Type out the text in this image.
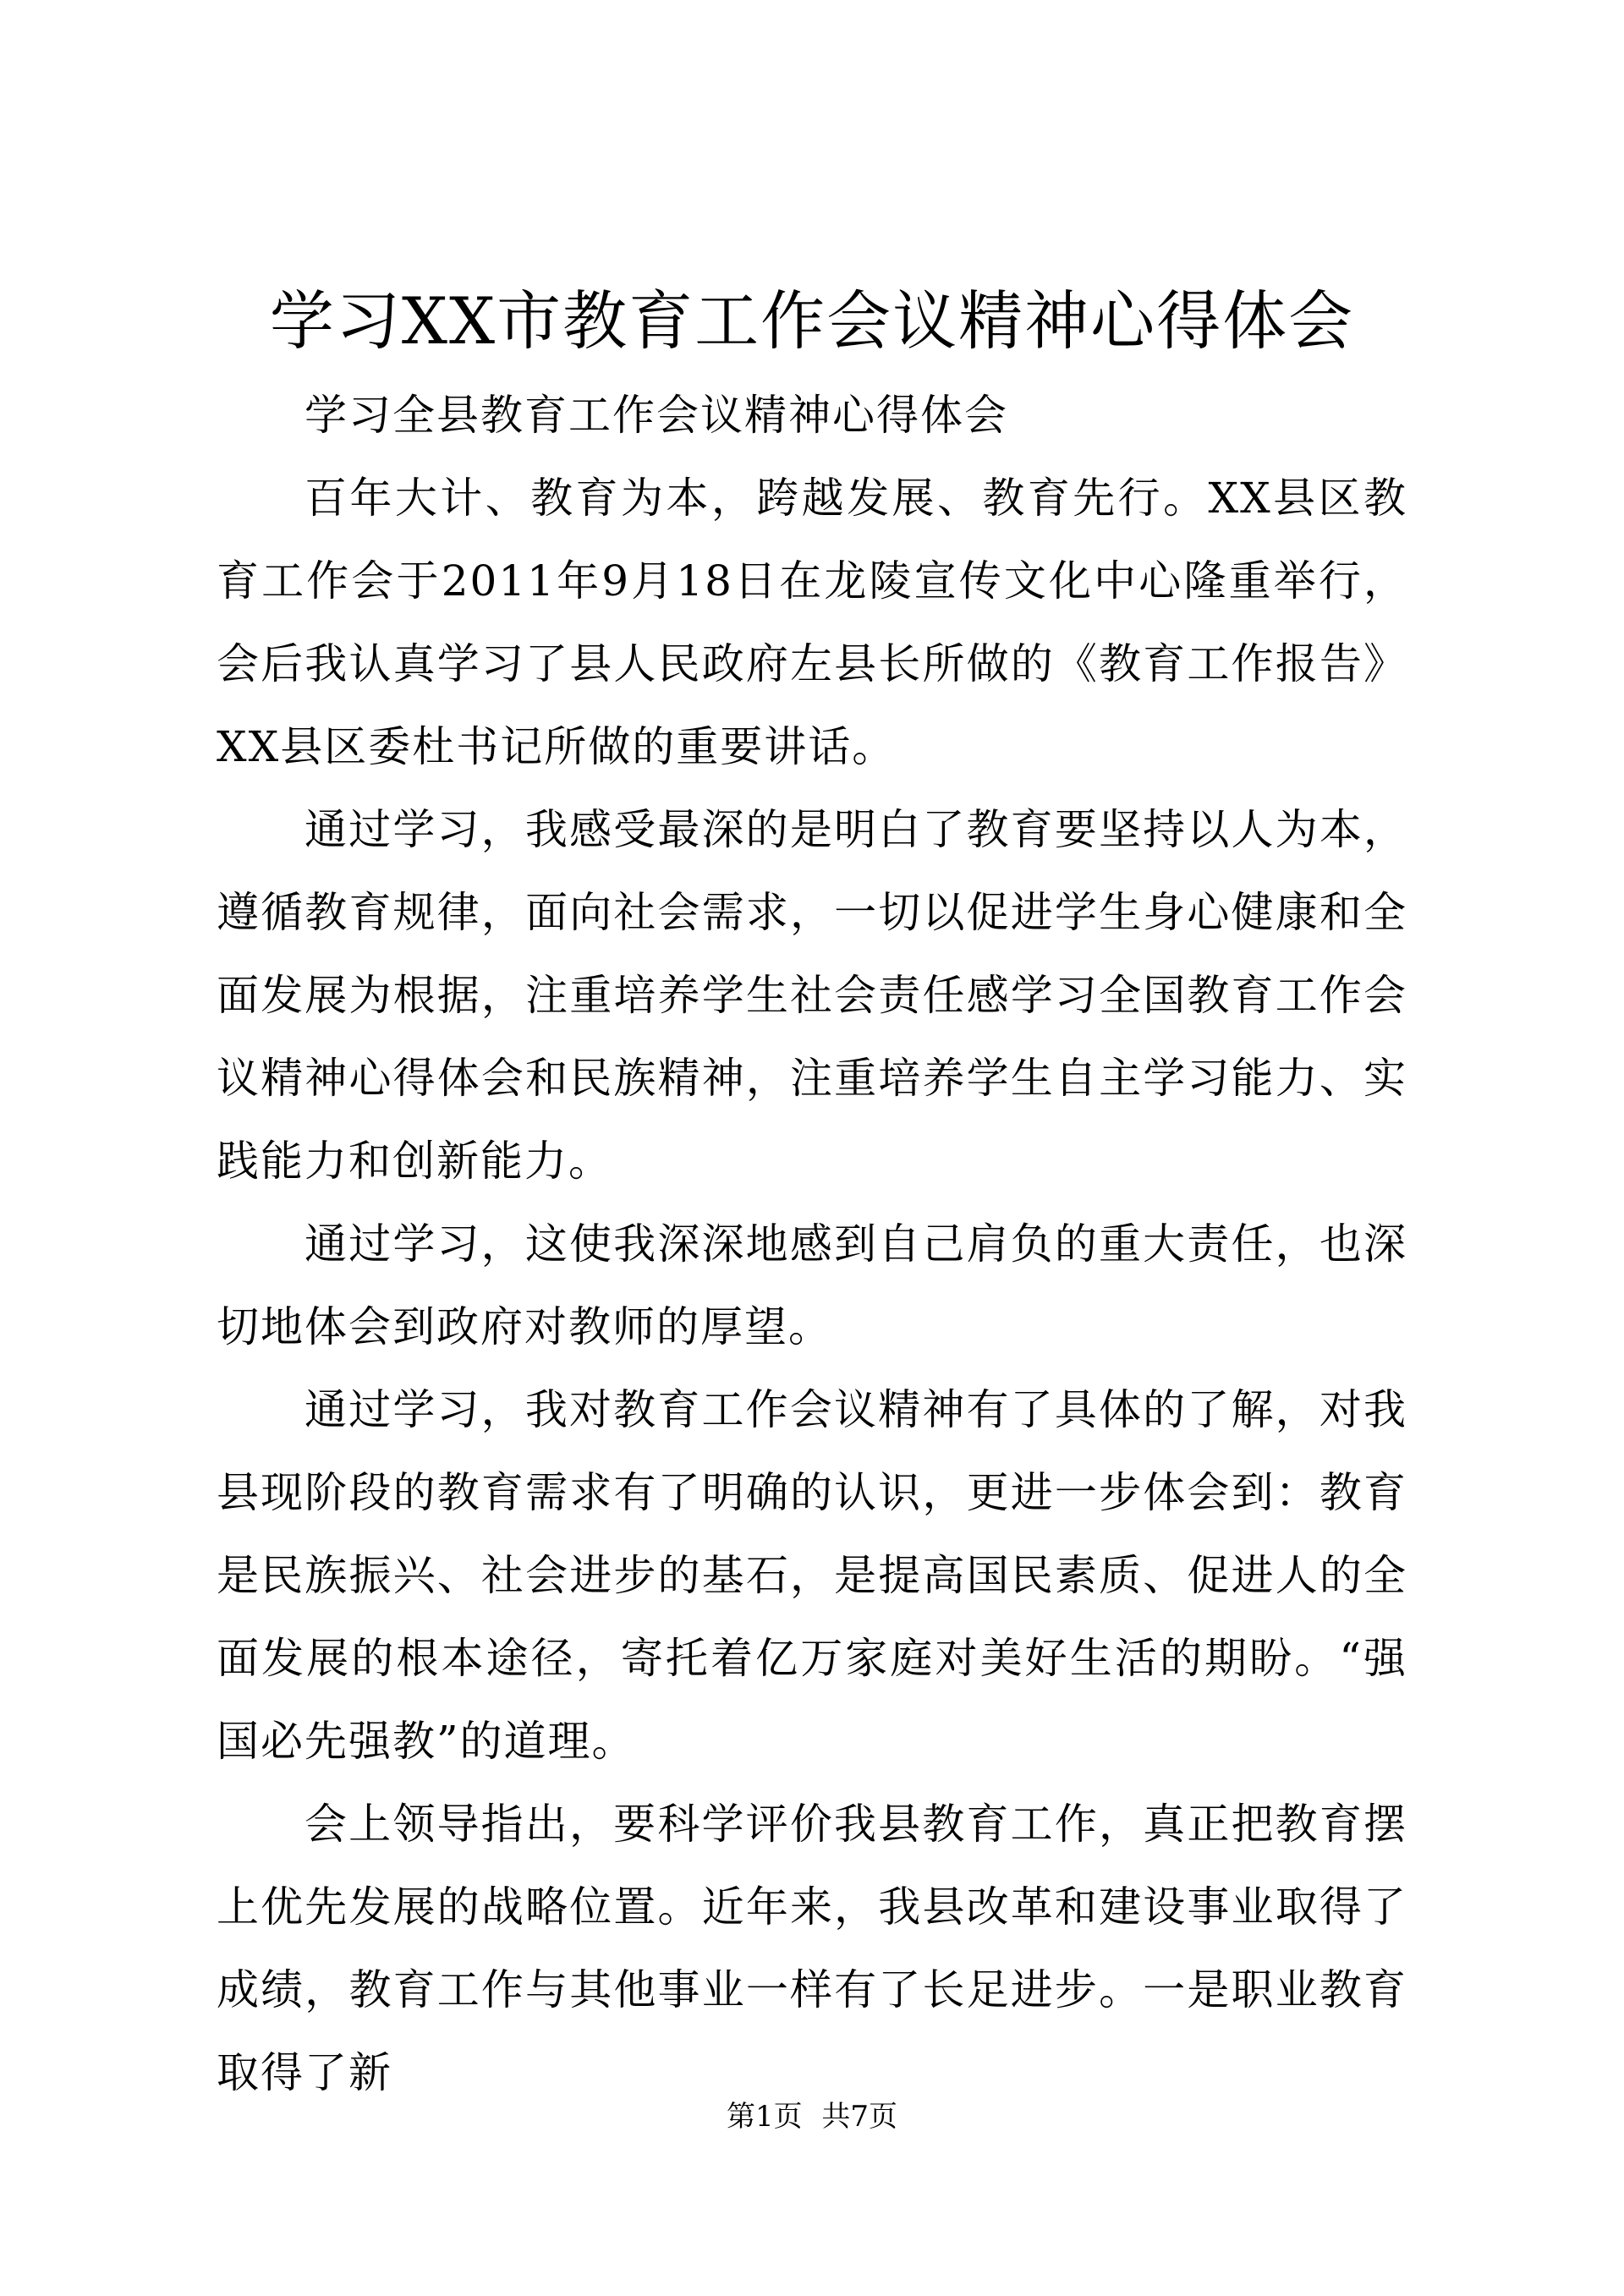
学习XX市教育工作会议精神心得体会

学习全县教育工作会议精神心得体会

百年大计、教育为本，跨越发展、教育先行。XX县区教育工作会于2011年9月18日在龙陵宣传文化中心隆重举行，会后我认真学习了县人民政府左县长所做的《教育工作报告》XX县区委杜书记所做的重要讲话。

通过学习，我感受最深的是明白了教育要坚持以人为本，遵循教育规律，面向社会需求，一切以促进学生身心健康和全面发展为根据，注重培养学生社会责任感学习全国教育工作会议精神心得体会和民族精神，注重培养学生自主学习能力、实践能力和创新能力。

通过学习，这使我深深地感到自己肩负的重大责任，也深切地体会到政府对教师的厚望。

通过学习，我对教育工作会议精神有了具体的了解，对我县现阶段的教育需求有了明确的认识，更进一步体会到：教育是民族振兴、社会进步的基石，是提高国民素质、促进人的全面发展的根本途径，寄托着亿万家庭对美好生活的期盼。“强国必先强教”的道理。

会上领导指出，要科学评价我县教育工作，真正把教育摆上优先发展的战略位置。近年来，我县改革和建设事业取得了成绩，教育工作与其他事业一样有了长足进步。一是职业教育取得了新

第1页 共7页
